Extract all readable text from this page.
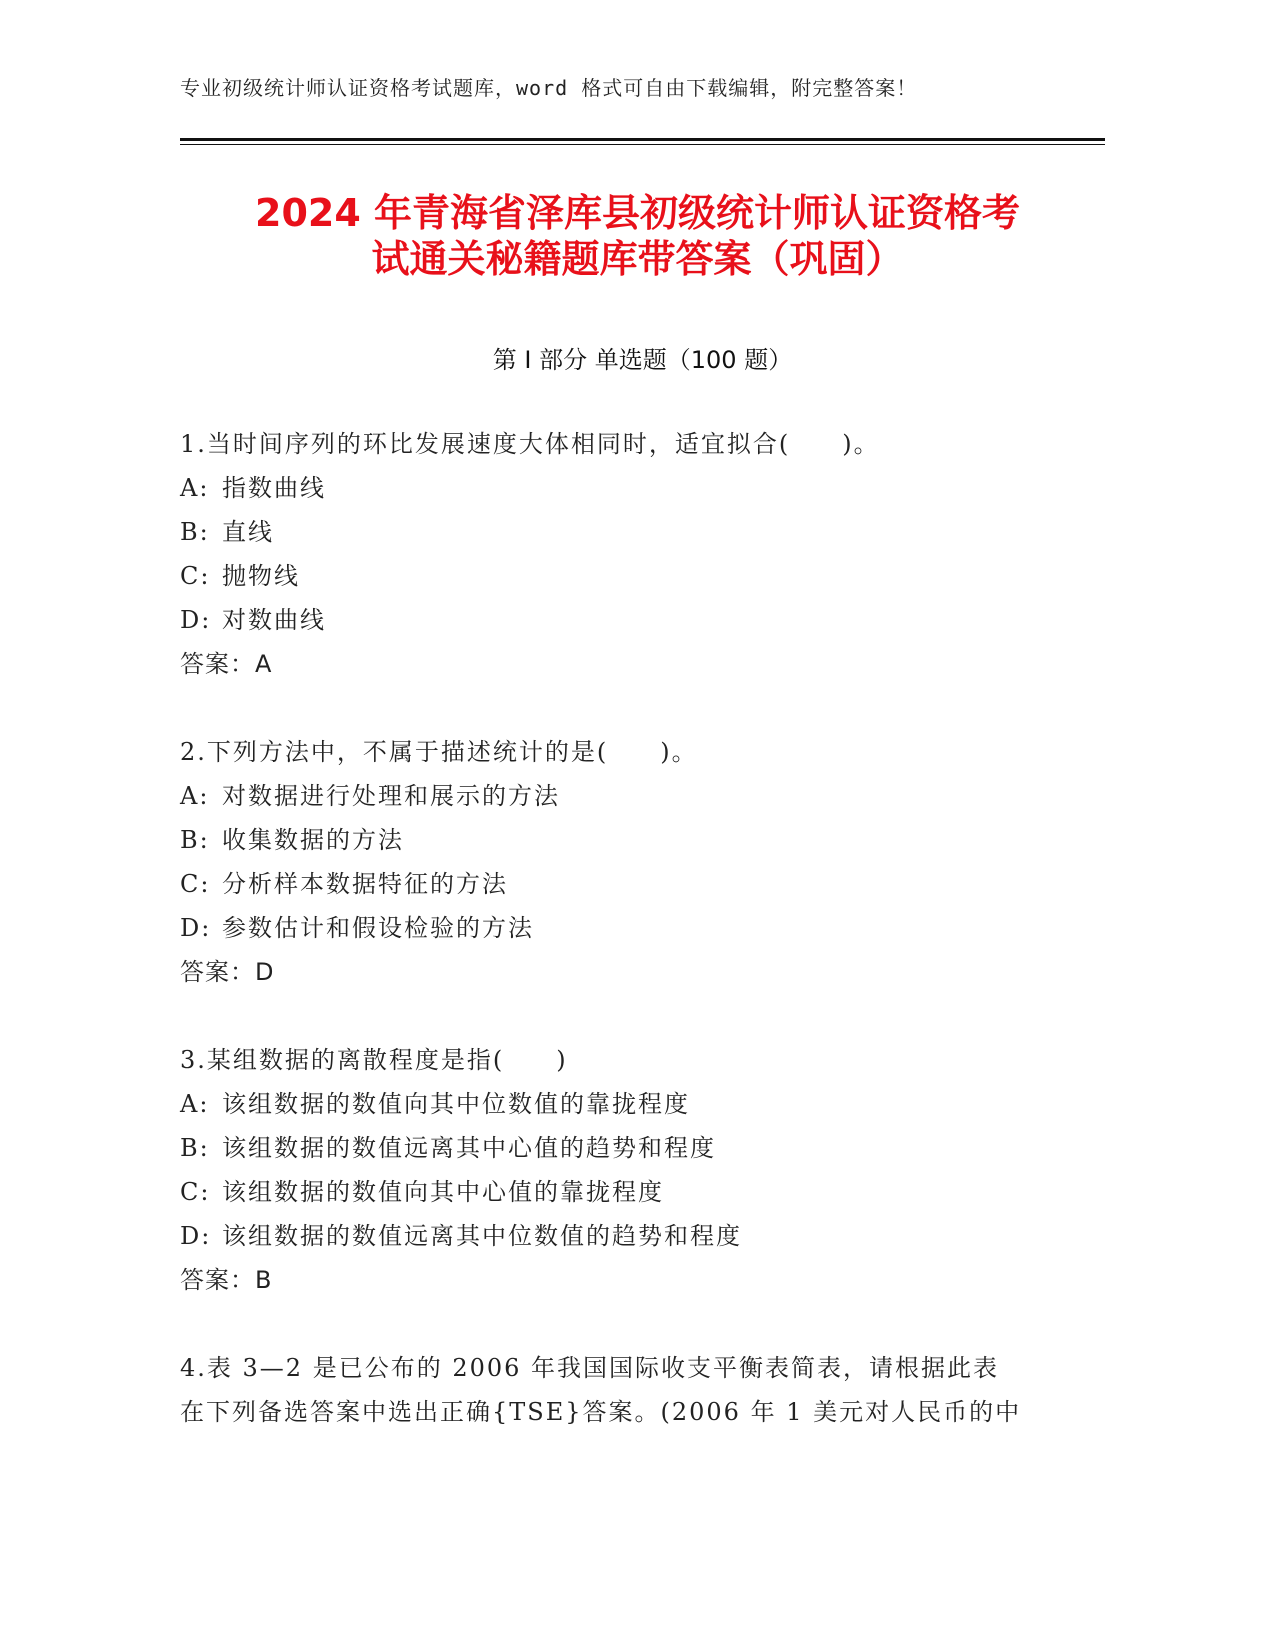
专业初级统计师认证资格考试题库，word 格式可自由下载编辑，附完整答案！
2024 年青海省泽库县初级统计师认证资格考
试通关秘籍题库带答案（巩固）
第 I 部分 单选题（100 题）
1.当时间序列的环比发展速度大体相同时，适宜拟合(　　)。
A: 指数曲线
B: 直线
C: 抛物线
D: 对数曲线
答案：A
2.下列方法中，不属于描述统计的是(　　)。
A: 对数据进行处理和展示的方法
B: 收集数据的方法
C: 分析样本数据特征的方法
D: 参数估计和假设检验的方法
答案：D
3.某组数据的离散程度是指(　　)
A: 该组数据的数值向其中位数值的靠拢程度
B: 该组数据的数值远离其中心值的趋势和程度
C: 该组数据的数值向其中心值的靠拢程度
D: 该组数据的数值远离其中位数值的趋势和程度
答案：B
4.表 3—2 是已公布的 2006 年我国国际收支平衡表简表，请根据此表
在下列备选答案中选出正确{TSE}答案。(2006 年 1 美元对人民币的中
